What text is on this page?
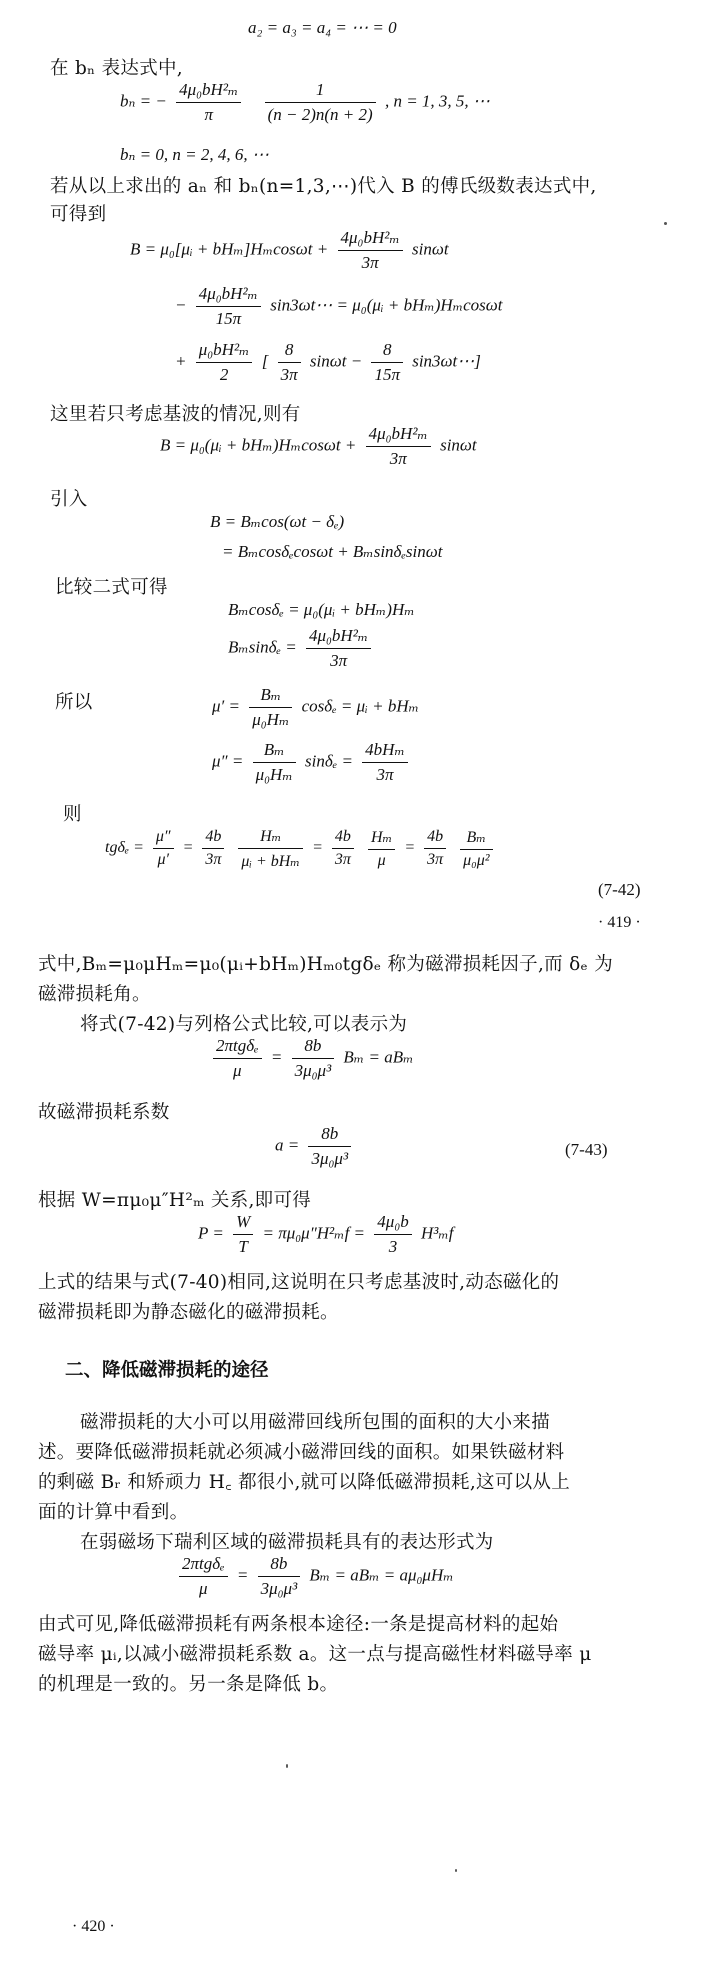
a₂ = a₃ = a₄ = ⋯ = 0
在 bₙ 表达式中,
bₙ = − $\frac{\text{4μ₀bH²ₘ}}{\pi}$
$\frac{1}{(n - 2)n(n + 2)}$ , n = 1, 3, 5, ⋯
bₙ = 0, n = 2, 4, 6, ⋯
若从以上求出的 aₙ 和 bₙ(n=1,3,⋯)代入 B 的傅氏级数表达式中,
可得到
B = μ₀[μᵢ + $bH_m]H_m\cos\omega t + \frac{\text{4μ₀bH²ₘ}}{3\pi}$ sinωt
− $\frac{\text{4μ₀bH²ₘ}}{15\pi}$ sin3ωt⋯ = μ₀(μᵢ + bHₘ)Hₘcosωt
+ $\frac{\text{μ₀bH²ₘ}}{2}$ [ $\frac{8}{3\pi}$ $\sin\omega t - \frac{8}{15\pi}$ sin3ωt⋯]
这里若只考虑基波的情况,则有
B = μ₀(μᵢ + $bH_m)H_m\cos\omega t + \frac{\text{4μ₀bH²ₘ}}{3\pi}$ sinωt
引入
B = Bₘcos(ωt − δₑ)
= Bₘcosδₑcosωt + Bₘsinδₑsinωt
比较二式可得
Bₘcosδₑ = μ₀(μᵢ + bHₘ)Hₘ
$B_m\sin\delta_e = \frac{\text{4μ₀bH²ₘ}}{3\pi}$
所以	$\mu' = \frac{\text{Bₘ}}{\text{μ₀Hₘ}}$ cosδₑ = μᵢ + bHₘ
$\mu'' = \frac{\text{Bₘ}}{\text{μ₀Hₘ}}$ $\sin\delta_e = \frac{\text{4bHₘ}}{3\pi}$
则
$tg\delta_e = \frac{\mu''}{\mu'} = \frac{4b}{3\pi}$
$\frac{\text{Hₘ}}{\text{μᵢ + bHₘ}} = \frac{4b}{3\pi}$
$\frac{\text{Hₘ}}{\mu} = \frac{4b}{3\pi}$
$\frac{\text{Bₘ}}{\text{μ₀μ²}}$
(7-42)
· 419 ·
式中,Bₘ=μ₀μHₘ=μ₀(μᵢ+bHₘ)Hₘ₀tgδₑ 称为磁滞损耗因子,而 δₑ 为
磁滞损耗角。
将式(7-42)与列格公式比较,可以表示为
$\frac{\text{2πtgδₑ}}{\mu} = \frac{8b}{\text{3μ₀μ³}}$ Bₘ = aBₘ
故磁滞损耗系数
$a = \frac{8b}{\text{3μ₀μ³}}$	(7-43)
根据 W=πμ₀μ″H²ₘ 关系,即可得
$P = \frac{W}{T} = \pi\mu_0\mu''H^2_mf = \frac{\text{4μ₀b}}{3} H^3_mf$
上式的结果与式(7-40)相同,这说明在只考虑基波时,动态磁化的
磁滞损耗即为静态磁化的磁滞损耗。
二、降低磁滞损耗的途径
磁滞损耗的大小可以用磁滞回线所包围的面积的大小来描
述。要降低磁滞损耗就必须减小磁滞回线的面积。如果铁磁材料
的剩磁 Bᵣ 和矫顽力 H꜀ 都很小,就可以降低磁滞损耗,这可以从上
面的计算中看到。
在弱磁场下瑞利区域的磁滞损耗具有的表达形式为
$\frac{\text{2πtgδₑ}}{\mu} = \frac{8b}{\text{3μ₀μ³}}$ Bₘ = aBₘ = aμ₀μHₘ
由式可见,降低磁滞损耗有两条根本途径:一条是提高材料的起始
磁导率 μᵢ,以减小磁滞损耗系数 a。这一点与提高磁性材料磁导率 μ
的机理是一致的。另一条是降低 b。
· 420 ·
